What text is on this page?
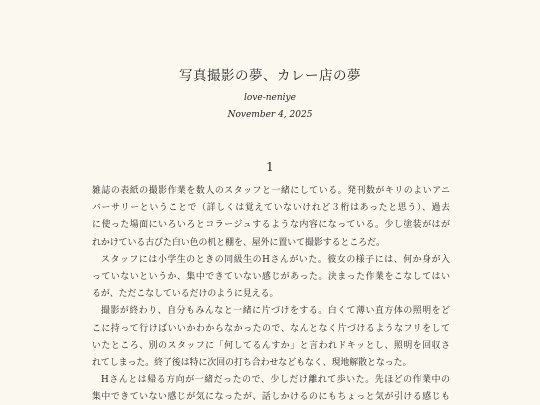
写真撮影の夢、カレー店の夢
love-neniye
November 4, 2025
1
雑誌の表紙の撮影作業を数人のスタッフと一緒にしている。発刊数がキリのよいアニ
バーサリーということで（詳しくは覚えていないけれど３桁はあったと思う）、過去
に使った場面にいろいろとコラージュするような内容になっている。少し塗装がはが
れかけている古びた白い色の机と棚を、屋外に置いて撮影するところだ。
スタッフには小学生のときの同級生のHさんがいた。彼女の様子には、何か身が入
っていないというか、集中できていない感じがあった。決まった作業をこなしてはい
るが、ただこなしているだけのように見える。
撮影が終わり、自分もみんなと一緒に片づけをする。白くて薄い直方体の照明をど
こに持って行けばいいかわからなかったので、なんとなく片づけるようなフリをして
いたところ、別のスタッフに「何してるんすか」と言われドキッとし、照明を回収さ
れてしまった。終了後は特に次回の打ち合わせなどもなく、現地解散となった。
Hさんとは帰る方向が一緒だったので、少しだけ離れて歩いた。先ほどの作業中の
集中できていない感じが気になったが、話しかけるのにもちょっと気が引ける感じも
